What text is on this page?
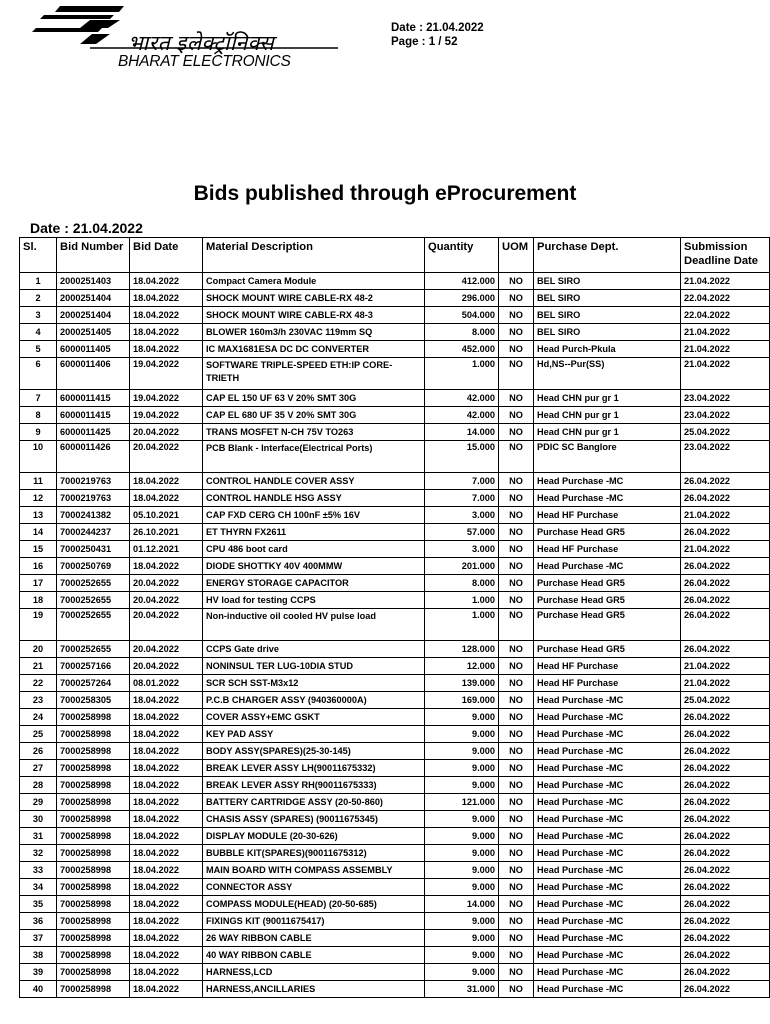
भारत इलेक्ट्रॉनिक्स
BHARAT ELECTRONICS
Date : 21.04.2022
Page : 1 / 52
Bids published through eProcurement
Date : 21.04.2022
Sl.	Bid Number	Bid Date	Material Description	Quantity	UOM	Purchase Dept.	Submission Deadline Date
1	2000251403	18.04.2022	Compact Camera Module	412.000	NO	BEL SIRO	21.04.2022
2	2000251404	18.04.2022	SHOCK MOUNT WIRE CABLE-RX 48-2	296.000	NO	BEL SIRO	22.04.2022
3	2000251404	18.04.2022	SHOCK MOUNT WIRE CABLE-RX 48-3	504.000	NO	BEL SIRO	22.04.2022
4	2000251405	18.04.2022	BLOWER 160m3/h 230VAC 119mm SQ	8.000	NO	BEL SIRO	21.04.2022
5	6000011405	18.04.2022	IC MAX1681ESA DC DC CONVERTER	452.000	NO	Head Purch-Pkula	21.04.2022
6	6000011406	19.04.2022	SOFTWARE TRIPLE-SPEED ETH:IP CORE-TRIETH	1.000	NO	Hd,NS--Pur(SS)	21.04.2022
7	6000011415	19.04.2022	CAP EL 150 UF 63 V 20% SMT 30G	42.000	NO	Head CHN pur gr 1	23.04.2022
8	6000011415	19.04.2022	CAP EL 680 UF 35 V 20% SMT 30G	42.000	NO	Head CHN pur gr 1	23.04.2022
9	6000011425	20.04.2022	TRANS MOSFET N-CH 75V TO263	14.000	NO	Head CHN pur gr 1	25.04.2022
10	6000011426	20.04.2022	PCB Blank - Interface(Electrical Ports)	15.000	NO	PDIC SC Banglore	23.04.2022
11	7000219763	18.04.2022	CONTROL HANDLE COVER ASSY	7.000	NO	Head Purchase -MC	26.04.2022
12	7000219763	18.04.2022	CONTROL HANDLE HSG ASSY	7.000	NO	Head Purchase -MC	26.04.2022
13	7000241382	05.10.2021	CAP FXD CERG CH 100nF ±5% 16V	3.000	NO	Head HF Purchase	21.04.2022
14	7000244237	26.10.2021	ET THYRN FX2611	57.000	NO	Purchase Head GR5	26.04.2022
15	7000250431	01.12.2021	CPU 486 boot card	3.000	NO	Head HF Purchase	21.04.2022
16	7000250769	18.04.2022	DIODE SHOTTKY 40V 400MMW	201.000	NO	Head Purchase -MC	26.04.2022
17	7000252655	20.04.2022	ENERGY STORAGE CAPACITOR	8.000	NO	Purchase Head GR5	26.04.2022
18	7000252655	20.04.2022	HV load for testing CCPS	1.000	NO	Purchase Head GR5	26.04.2022
19	7000252655	20.04.2022	Non-inductive oil cooled HV pulse load	1.000	NO	Purchase Head GR5	26.04.2022
20	7000252655	20.04.2022	CCPS Gate drive	128.000	NO	Purchase Head GR5	26.04.2022
21	7000257166	20.04.2022	NONINSUL TER LUG-10DIA STUD	12.000	NO	Head HF Purchase	21.04.2022
22	7000257264	08.01.2022	SCR SCH SST-M3x12	139.000	NO	Head HF Purchase	21.04.2022
23	7000258305	18.04.2022	P.C.B CHARGER ASSY (940360000A)	169.000	NO	Head Purchase -MC	25.04.2022
24	7000258998	18.04.2022	COVER ASSY+EMC GSKT	9.000	NO	Head Purchase -MC	26.04.2022
25	7000258998	18.04.2022	KEY PAD ASSY	9.000	NO	Head Purchase -MC	26.04.2022
26	7000258998	18.04.2022	BODY ASSY(SPARES)(25-30-145)	9.000	NO	Head Purchase -MC	26.04.2022
27	7000258998	18.04.2022	BREAK LEVER ASSY LH(90011675332)	9.000	NO	Head Purchase -MC	26.04.2022
28	7000258998	18.04.2022	BREAK LEVER ASSY RH(90011675333)	9.000	NO	Head Purchase -MC	26.04.2022
29	7000258998	18.04.2022	BATTERY CARTRIDGE ASSY (20-50-860)	121.000	NO	Head Purchase -MC	26.04.2022
30	7000258998	18.04.2022	CHASIS ASSY (SPARES) (90011675345)	9.000	NO	Head Purchase -MC	26.04.2022
31	7000258998	18.04.2022	DISPLAY MODULE (20-30-626)	9.000	NO	Head Purchase -MC	26.04.2022
32	7000258998	18.04.2022	BUBBLE KIT(SPARES)(90011675312)	9.000	NO	Head Purchase -MC	26.04.2022
33	7000258998	18.04.2022	MAIN BOARD WITH COMPASS ASSEMBLY	9.000	NO	Head Purchase -MC	26.04.2022
34	7000258998	18.04.2022	CONNECTOR ASSY	9.000	NO	Head Purchase -MC	26.04.2022
35	7000258998	18.04.2022	COMPASS MODULE(HEAD) (20-50-685)	14.000	NO	Head Purchase -MC	26.04.2022
36	7000258998	18.04.2022	FIXINGS KIT (90011675417)	9.000	NO	Head Purchase -MC	26.04.2022
37	7000258998	18.04.2022	26 WAY RIBBON CABLE	9.000	NO	Head Purchase -MC	26.04.2022
38	7000258998	18.04.2022	40 WAY RIBBON CABLE	9.000	NO	Head Purchase -MC	26.04.2022
39	7000258998	18.04.2022	HARNESS,LCD	9.000	NO	Head Purchase -MC	26.04.2022
40	7000258998	18.04.2022	HARNESS,ANCILLARIES	31.000	NO	Head Purchase -MC	26.04.2022
